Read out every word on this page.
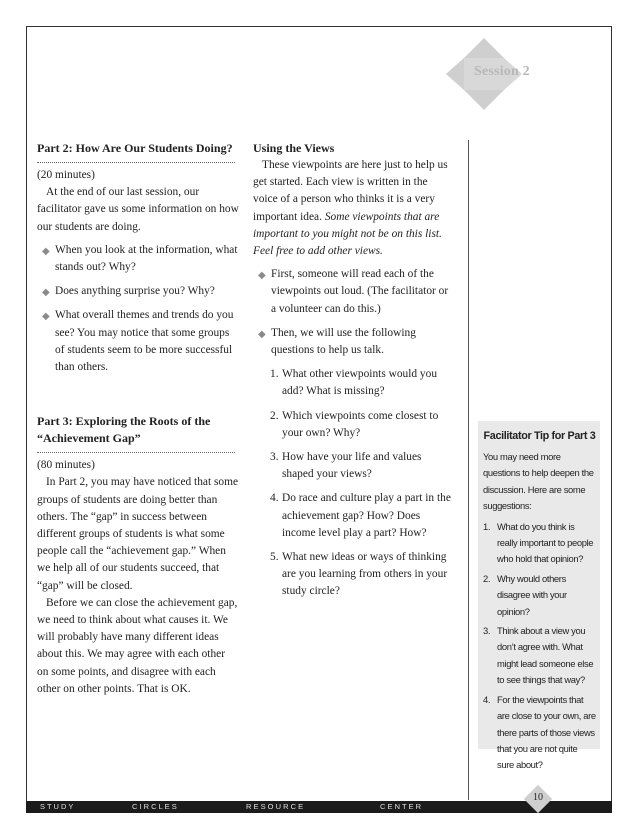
Session 2
Part 2: How Are Our Students Doing?
(20 minutes)
At the end of our last session, our facilitator gave us some information on how our students are doing.
◆ When you look at the information, what stands out? Why?
◆ Does anything surprise you? Why?
◆ What overall themes and trends do you see? You may notice that some groups of students seem to be more successful than others.
Part 3: Exploring the Roots of the “Achievement Gap”
(80 minutes)
In Part 2, you may have noticed that some groups of students are doing better than others. The “gap” in success between different groups of students is what some people call the “achievement gap.” When we help all of our students succeed, that “gap” will be closed.
Before we can close the achievement gap, we need to think about what causes it. We will probably have many different ideas about this. We may agree with each other on some points, and disagree with each other on other points. That is OK.
Using the Views
These viewpoints are here just to help us get started. Each view is written in the voice of a person who thinks it is a very important idea. Some viewpoints that are important to you might not be on this list. Feel free to add other views.
◆ First, someone will read each of the viewpoints out loud. (The facilitator or a volunteer can do this.)
◆ Then, we will use the following questions to help us talk.
1. What other viewpoints would you add? What is missing?
2. Which viewpoints come closest to your own? Why?
3. How have your life and values shaped your views?
4. Do race and culture play a part in the achievement gap? How? Does income level play a part? How?
5. What new ideas or ways of thinking are you learning from others in your study circle?
Facilitator Tip for Part 3
You may need more questions to help deepen the discussion. Here are some suggestions:
1. What do you think is really important to people who hold that opinion?
2. Why would others disagree with your opinion?
3. Think about a view you don’t agree with. What might lead someone else to see things that way?
4. For the viewpoints that are close to your own, are there parts of those views that you are not quite sure about?
S T U D Y	C I R C L E S	R E S O U R C E	C E N T E R
10
